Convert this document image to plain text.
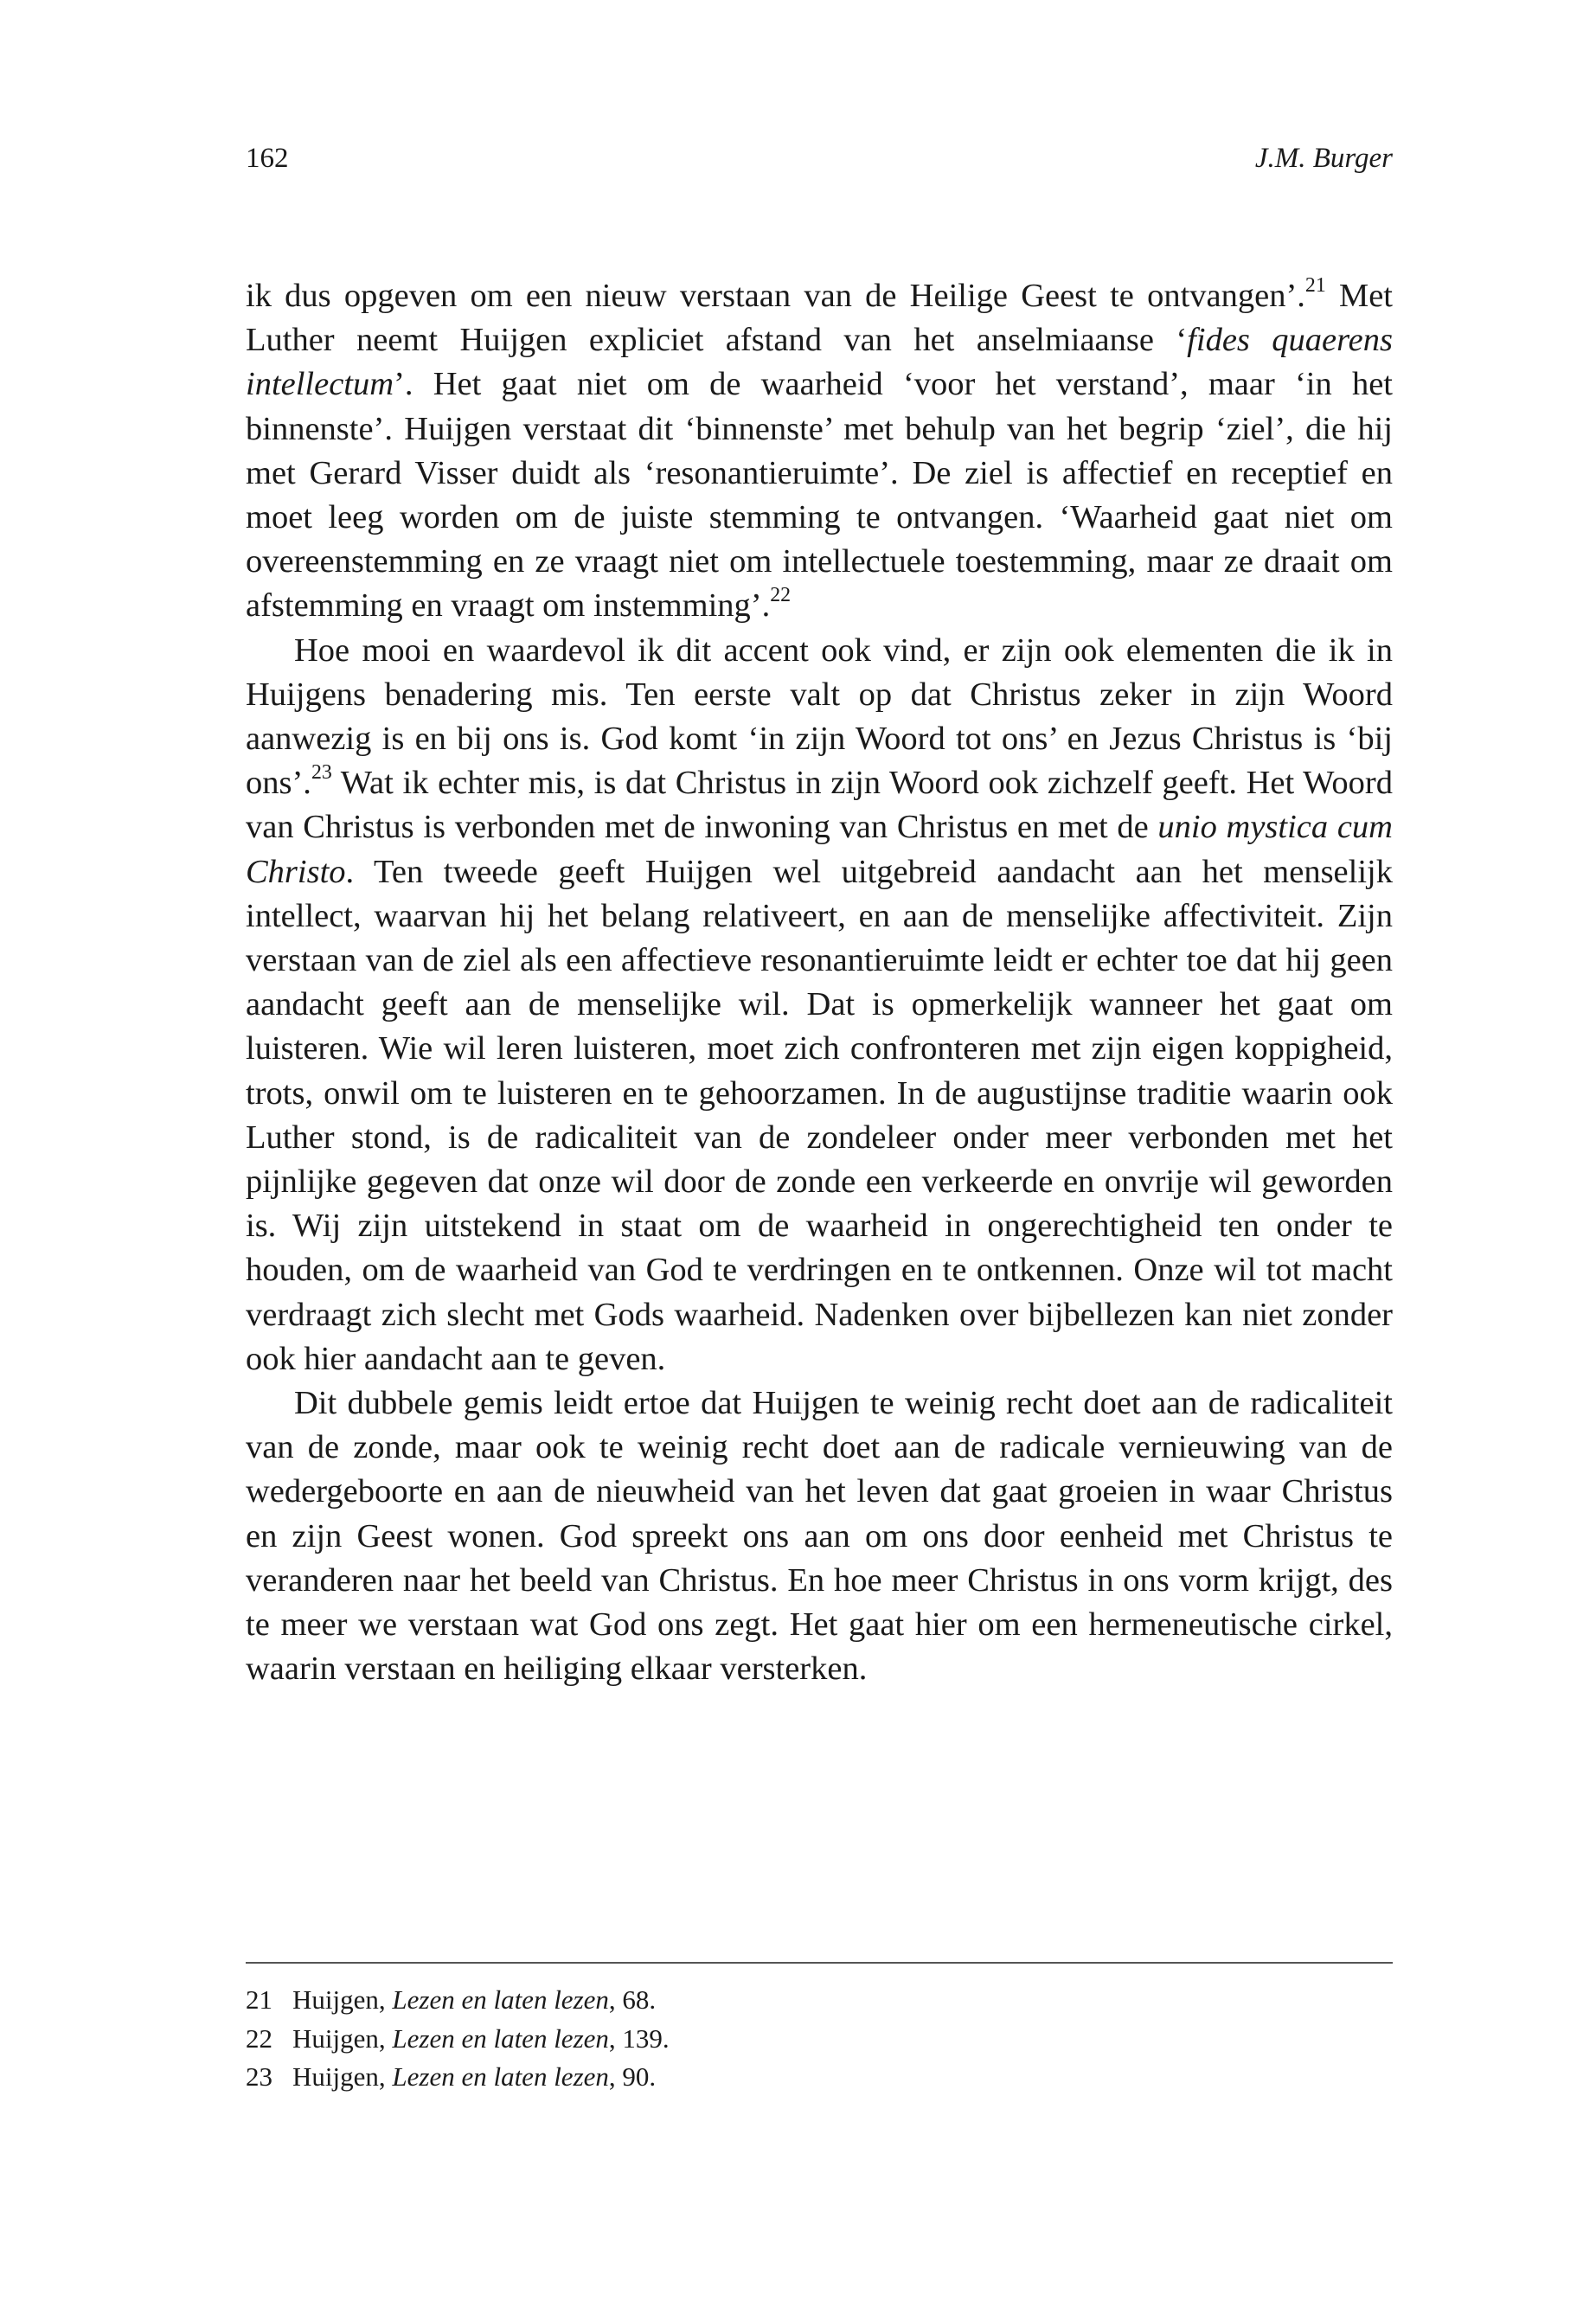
162	J.M. Burger

ik dus opgeven om een nieuw verstaan van de Heilige Geest te ontvangen’.$^{21}$ Met Luther neemt Huijgen expliciet afstand van het anselmiaanse ‘fides quaerens intellectum’. Het gaat niet om de waarheid ‘voor het verstand’, maar ‘in het binnenste’. Huijgen verstaat dit ‘binnenste’ met behulp van het begrip ‘ziel’, die hij met Gerard Visser duidt als ‘resonantieruimte’. De ziel is affectief en receptief en moet leeg worden om de juiste stemming te ontvangen. ‘Waarheid gaat niet om overeenstemming en ze vraagt niet om intellectuele toestemming, maar ze draait om afstemming en vraagt om instemming’.$^{22}$

Hoe mooi en waardevol ik dit accent ook vind, er zijn ook elementen die ik in Huijgens benadering mis. Ten eerste valt op dat Christus zeker in zijn Woord aanwezig is en bij ons is. God komt ‘in zijn Woord tot ons’ en Jezus Christus is ‘bij ons’.$^{23}$ Wat ik echter mis, is dat Christus in zijn Woord ook zichzelf geeft. Het Woord van Christus is verbonden met de inwoning van Christus en met de unio mystica cum Christo. Ten tweede geeft Huijgen wel uitgebreid aandacht aan het menselijk intellect, waarvan hij het belang relativeert, en aan de menselijke affectiviteit. Zijn verstaan van de ziel als een affectieve resonantieruimte leidt er echter toe dat hij geen aandacht geeft aan de menselijke wil. Dat is opmerkelijk wanneer het gaat om luisteren. Wie wil leren luisteren, moet zich confronteren met zijn eigen koppigheid, trots, onwil om te luisteren en te gehoorzamen. In de augustijnse traditie waarin ook Luther stond, is de radicaliteit van de zondeleer onder meer verbonden met het pijnlijke gegeven dat onze wil door de zonde een verkeerde en onvrije wil geworden is. Wij zijn uitstekend in staat om de waarheid in ongerechtigheid ten onder te houden, om de waarheid van God te verdringen en te ontkennen. Onze wil tot macht verdraagt zich slecht met Gods waarheid. Nadenken over bijbellezen kan niet zonder ook hier aandacht aan te geven.

Dit dubbele gemis leidt ertoe dat Huijgen te weinig recht doet aan de radicaliteit van de zonde, maar ook te weinig recht doet aan de radicale vernieuwing van de wedergeboorte en aan de nieuwheid van het leven dat gaat groeien in waar Christus en zijn Geest wonen. God spreekt ons aan om ons door eenheid met Christus te veranderen naar het beeld van Christus. En hoe meer Christus in ons vorm krijgt, des te meer we verstaan wat God ons zegt. Het gaat hier om een hermeneutische cirkel, waarin verstaan en heiliging elkaar versterken.

21 Huijgen, Lezen en laten lezen, 68.
22 Huijgen, Lezen en laten lezen, 139.
23 Huijgen, Lezen en laten lezen, 90.
